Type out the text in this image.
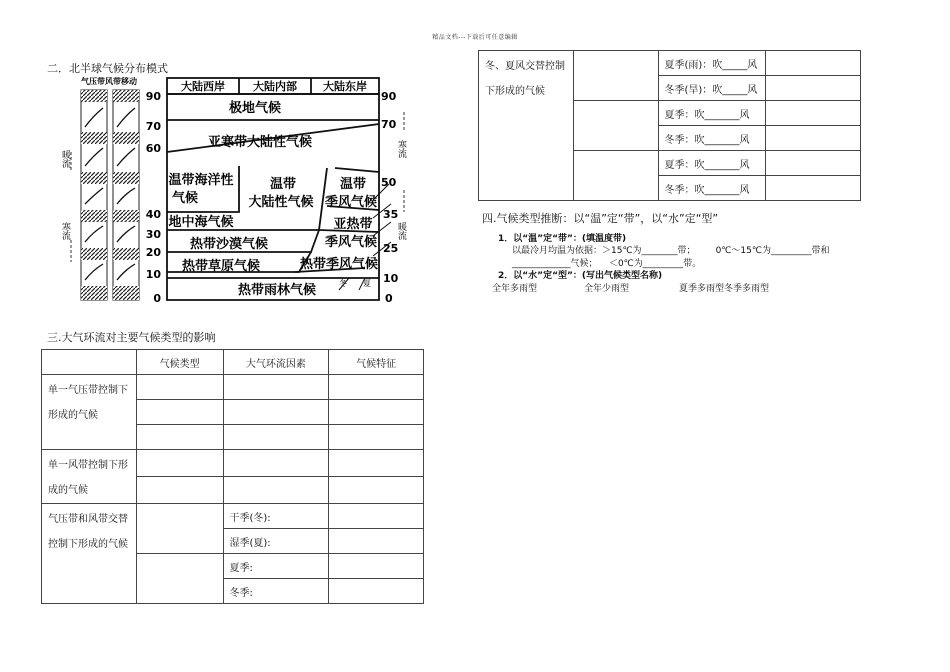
精品文档---下载后可任意编辑
二．北半球气候分布模式
气压带风带移动
暖流
寒流
90
70
60
40
30
20
10
0
大陆西岸	大陆内部 大陆东岸
极地气候
亚寒带大陆性气候
温带海洋性
气候
地中海气候
温带
大陆性气候
温带
季风气候
亚热带
季风气候
热带沙漠气候
热带草原气候	热带季风气候
热带雨林气候	冬 夏
90
70
50
35
25
10
0
寒流
暖流
三.大气环流对主要气候类型的影响
	气候类型	大气环流因素	气候特征
单一气压带控制下形成的气候			

单一风带控制下形成的气候			

气压带和风带交替控制下形成的气候		干季(冬):	
		湿季(夏):	
		夏季:	
		冬季:	
冬、夏风交替控制下形成的气候		夏季(雨)：吹_____风	
		冬季(旱)：吹_____风	
		夏季：吹_______风	
		冬季：吹_______风	
		夏季：吹_______风	
		冬季：吹_______风	
四.气候类型推断：以“温”定“带”，以“水”定“型”
1．以“温”定“带”：(填温度带)
以最冷月均温为依据：＞15℃为________带；       0℃～15℃为_________带和
_____________气候；    ＜0℃为_________带。
2．以“水”定“型”：(写出气候类型名称)
全年多雨型	全年少雨型	夏季多雨型冬季多雨型
